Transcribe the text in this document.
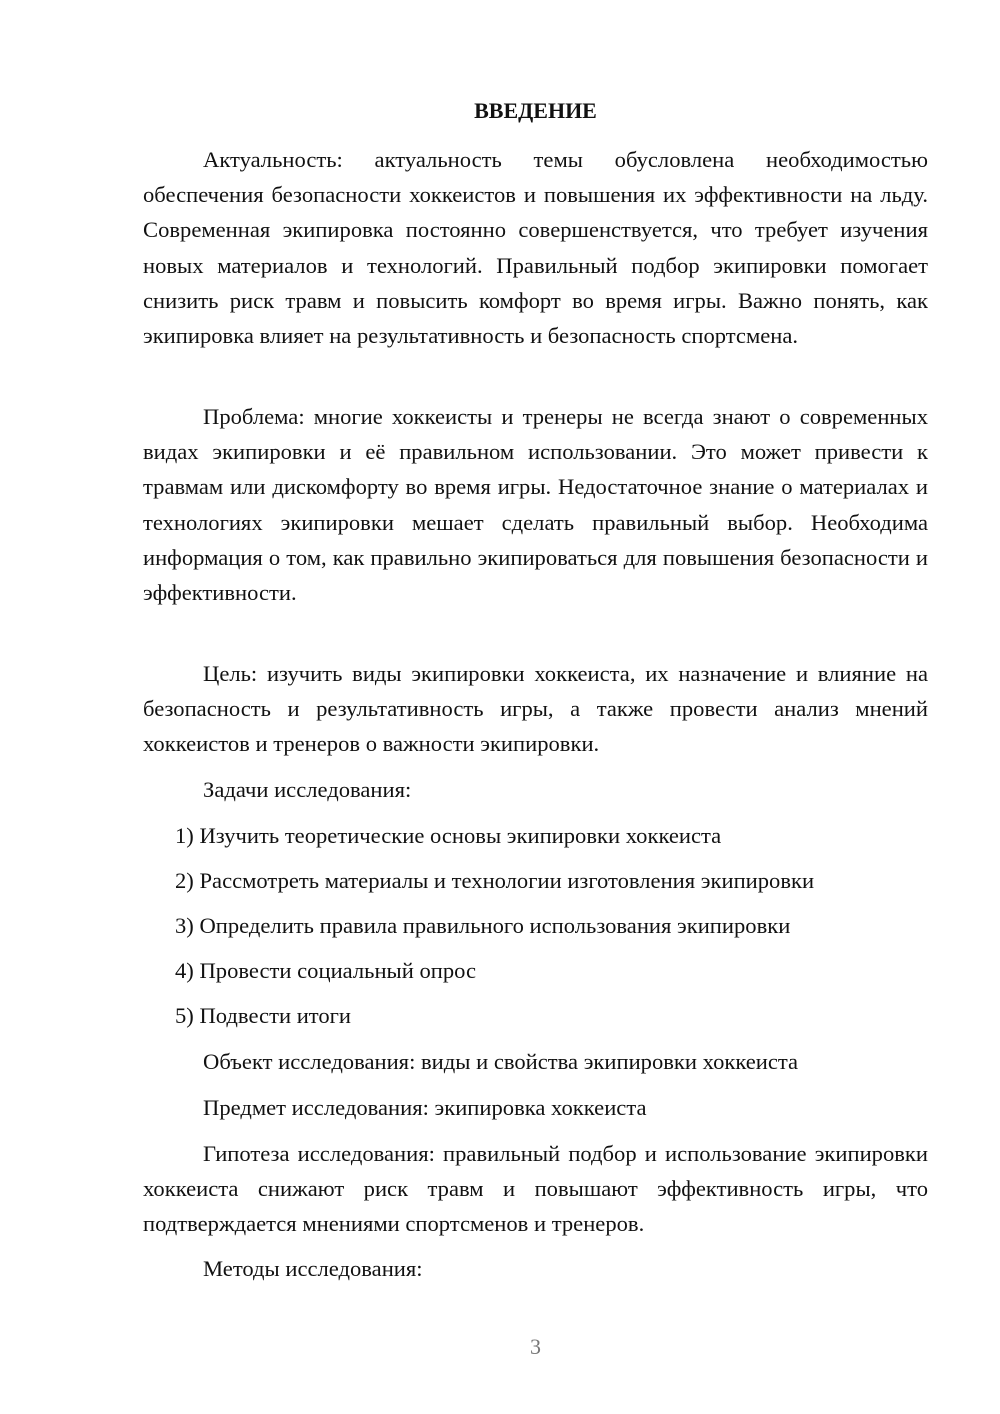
ВВЕДЕНИЕ

Актуальность: актуальность темы обусловлена необходимостью обеспечения безопасности хоккеистов и повышения их эффективности на льду. Современная экипировка постоянно совершенствуется, что требует изучения новых материалов и технологий. Правильный подбор экипировки помогает снизить риск травм и повысить комфорт во время игры. Важно понять, как экипировка влияет на результативность и безопасность спортсмена.

Проблема: многие хоккеисты и тренеры не всегда знают о современных видах экипировки и её правильном использовании. Это может привести к травмам или дискомфорту во время игры. Недостаточное знание о материалах и технологиях экипировки мешает сделать правильный выбор. Необходима информация о том, как правильно экипироваться для повышения безопасности и эффективности.

Цель: изучить виды экипировки хоккеиста, их назначение и влияние на безопасность и результативность игры, а также провести анализ мнений хоккеистов и тренеров о важности экипировки.

Задачи исследования:

1) Изучить теоретические основы экипировки хоккеиста

2) Рассмотреть материалы и технологии изготовления экипировки

3) Определить правила правильного использования экипировки

4) Провести социальный опрос

5) Подвести итоги

Объект исследования: виды и свойства экипировки хоккеиста

Предмет исследования: экипировка хоккеиста

Гипотеза исследования: правильный подбор и использование экипировки хоккеиста снижают риск травм и повышают эффективность игры, что подтверждается мнениями спортсменов и тренеров.

Методы исследования:

3
